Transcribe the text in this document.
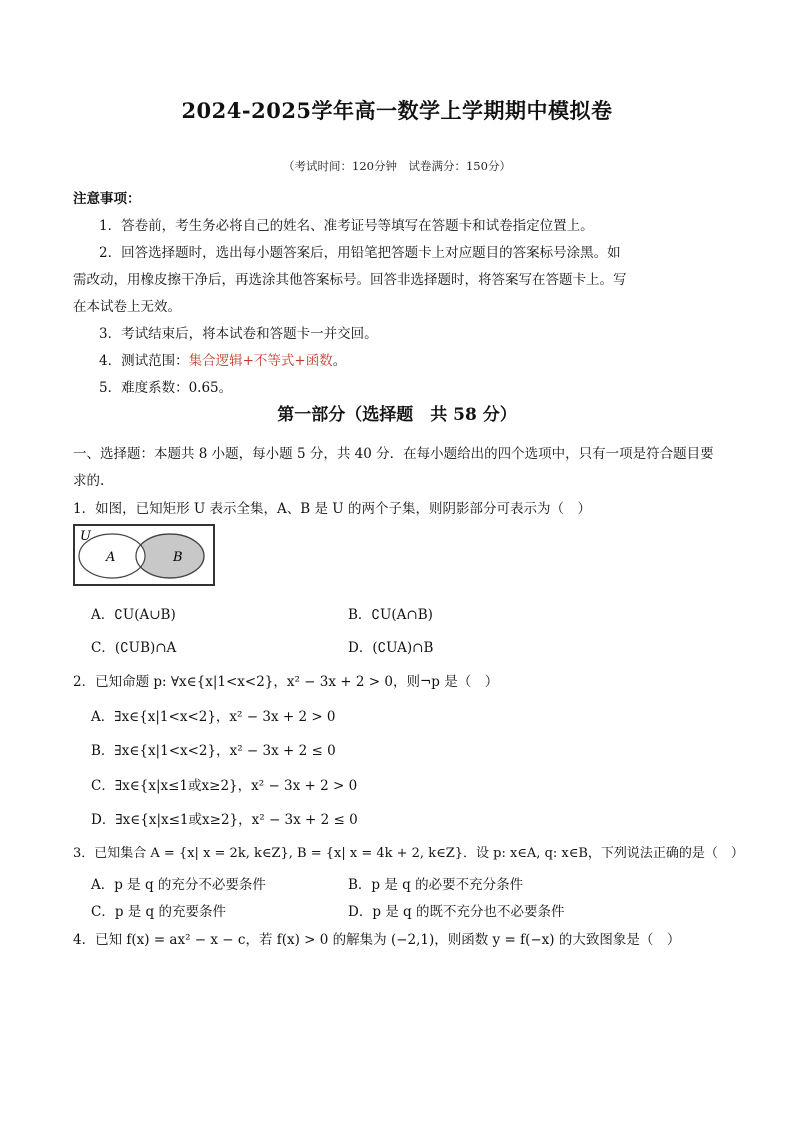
2024-2025学年高一数学上学期期中模拟卷
（考试时间：120分钟　试卷满分：150分）
注意事项：
1．答卷前，考生务必将自己的姓名、准考证号等填写在答题卡和试卷指定位置上。
2．回答选择题时，选出每小题答案后，用铅笔把答题卡上对应题目的答案标号涂黑。如
需改动，用橡皮擦干净后，再选涂其他答案标号。回答非选择题时，将答案写在答题卡上。写
在本试卷上无效。
3．考试结束后，将本试卷和答题卡一并交回。
4．测试范围：集合逻辑+不等式+函数。
5．难度系数：0.65。
第一部分（选择题　共 58 分）
一、选择题：本题共 8 小题，每小题 5 分，共 40 分．在每小题给出的四个选项中，只有一项是符合题目要
求的.
1．如图，已知矩形 U 表示全集，A、B 是 U 的两个子集，则阴影部分可表示为（　）
U
A	B
A．∁U(A∪B)	B．∁U(A∩B)
C．(∁UB)∩A	D．(∁UA)∩B
2．已知命题 p: ∀x∈{x|1<x<2}，x² − 3x + 2 > 0，则¬p 是（　）
A．∃x∈{x|1<x<2}，x² − 3x + 2 > 0
B．∃x∈{x|1<x<2}，x² − 3x + 2 ≤ 0
C．∃x∈{x|x≤1或x≥2}，x² − 3x + 2 > 0
D．∃x∈{x|x≤1或x≥2}，x² − 3x + 2 ≤ 0
3．已知集合 A = {x| x = 2k, k∈Z}, B = {x| x = 4k + 2, k∈Z}．设 p: x∈A, q: x∈B，下列说法正确的是（　）
A．p 是 q 的充分不必要条件	B．p 是 q 的必要不充分条件
C．p 是 q 的充要条件	D．p 是 q 的既不充分也不必要条件
4．已知 f(x) = ax² − x − c，若 f(x) > 0 的解集为 (−2,1)，则函数 y = f(−x) 的大致图象是（　）
